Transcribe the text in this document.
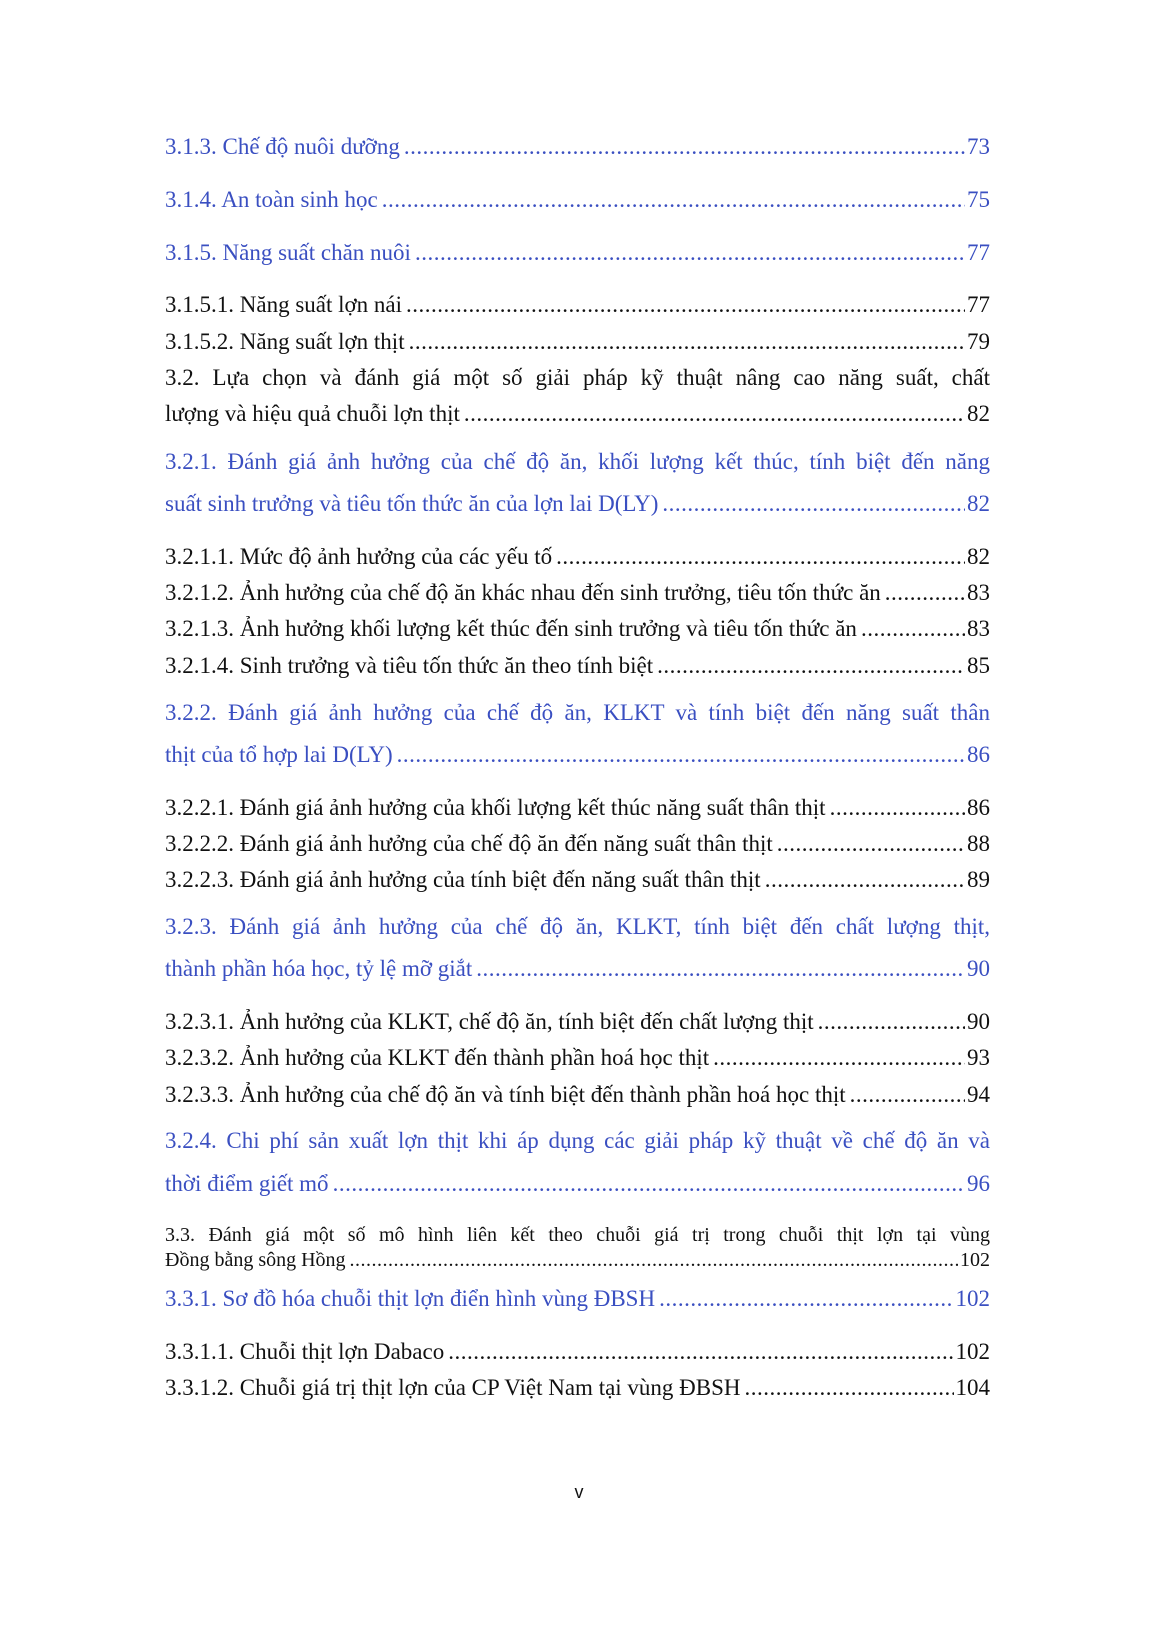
3.1.3. Chế độ nuôi dưỡng .....	73
3.1.4. An toàn sinh học .....	75
3.1.5. Năng suất chăn nuôi .....	77
3.1.5.1. Năng suất lợn nái .....	77
3.1.5.2. Năng suất lợn thịt .....	79
3.2. Lựa chọn và đánh giá một số giải pháp kỹ thuật nâng cao năng suất, chất
lượng và hiệu quả chuỗi lợn thịt .....	82
3.2.1. Đánh giá ảnh hưởng của chế độ ăn, khối lượng kết thúc, tính biệt đến năng
suất sinh trưởng và tiêu tốn thức ăn của lợn lai D(LY) .....	82
3.2.1.1. Mức độ ảnh hưởng của các yếu tố .....	82
3.2.1.2. Ảnh hưởng của chế độ ăn khác nhau đến sinh trưởng, tiêu tốn thức ăn .....	83
3.2.1.3. Ảnh hưởng khối lượng kết thúc đến sinh trưởng và tiêu tốn thức ăn .....	83
3.2.1.4. Sinh trưởng và tiêu tốn thức ăn theo tính biệt .....	85
3.2.2. Đánh giá ảnh hưởng của chế độ ăn, KLKT và tính biệt đến năng suất thân
thịt của tổ hợp lai D(LY) .....	86
3.2.2.1. Đánh giá ảnh hưởng của khối lượng kết thúc năng suất thân thịt .....	86
3.2.2.2. Đánh giá ảnh hưởng của chế độ ăn đến năng suất thân thịt .....	88
3.2.2.3. Đánh giá ảnh hưởng của tính biệt đến năng suất thân thịt .....	89
3.2.3. Đánh giá ảnh hưởng của chế độ ăn, KLKT, tính biệt đến chất lượng thịt,
thành phần hóa học, tỷ lệ mỡ giắt .....	90
3.2.3.1. Ảnh hưởng của KLKT, chế độ ăn, tính biệt đến chất lượng thịt .....	90
3.2.3.2. Ảnh hưởng của KLKT đến thành phần hoá học thịt .....	93
3.2.3.3. Ảnh hưởng của chế độ ăn và tính biệt đến thành phần hoá học thịt .....	94
3.2.4. Chi phí sản xuất lợn thịt khi áp dụng các giải pháp kỹ thuật về chế độ ăn và
thời điểm giết mổ .....	96
3.3. Đánh giá một số mô hình liên kết theo chuỗi giá trị trong chuỗi thịt lợn tại vùng
Đồng bằng sông Hồng .....	102
3.3.1. Sơ đồ hóa chuỗi thịt lợn điển hình vùng ĐBSH .....	102
3.3.1.1. Chuỗi thịt lợn Dabaco .....	102
3.3.1.2. Chuỗi giá trị thịt lợn của CP Việt Nam tại vùng ĐBSH .....	104
v
